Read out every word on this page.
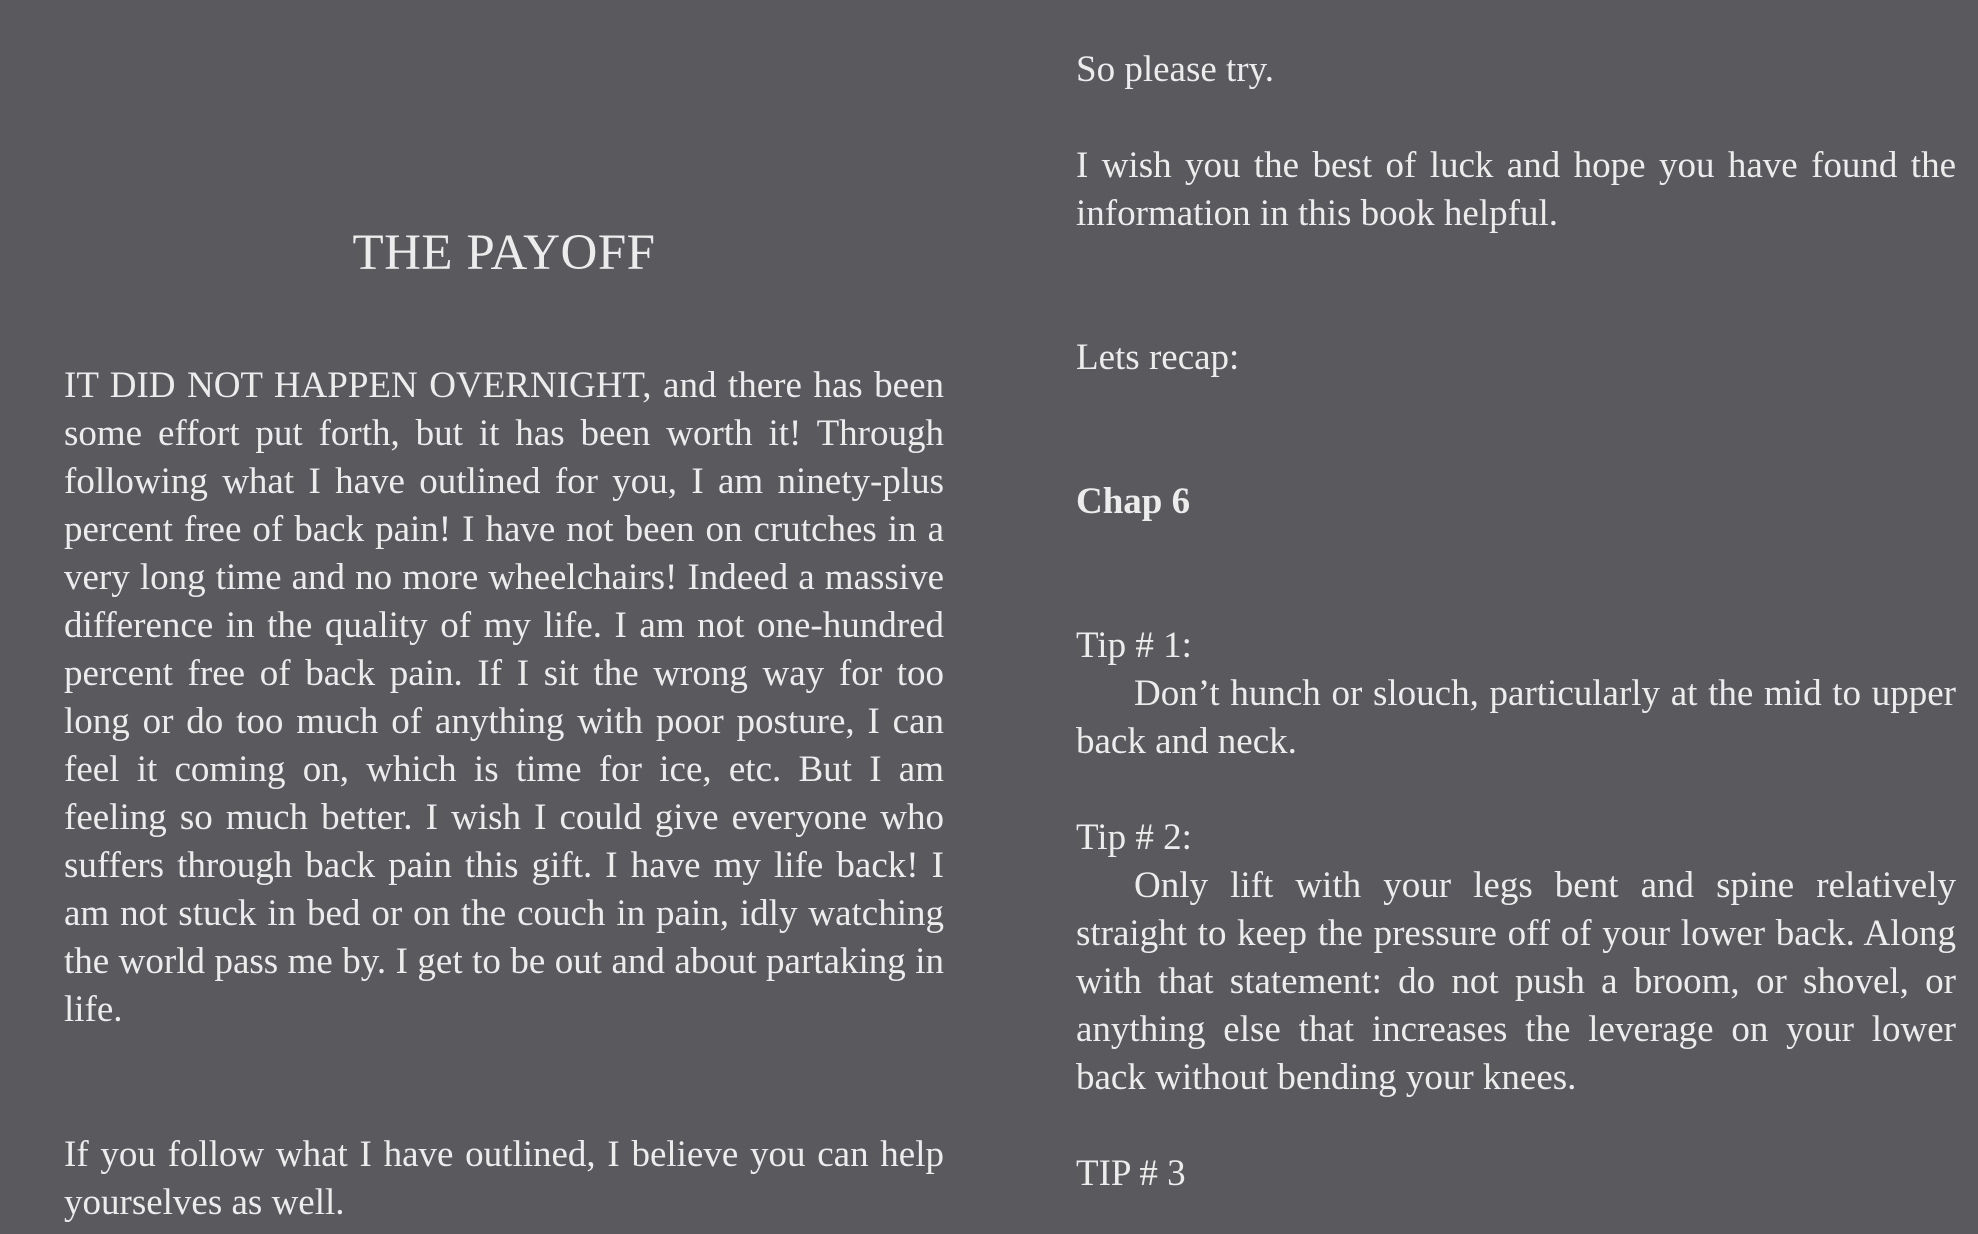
THE PAYOFF

IT DID NOT HAPPEN OVERNIGHT, and there has been some effort put forth, but it has been worth it! Through following what I have outlined for you, I am ninety-plus percent free of back pain! I have not been on crutches in a very long time and no more wheelchairs! Indeed a massive difference in the quality of my life. I am not one-hundred percent free of back pain. If I sit the wrong way for too long or do too much of anything with poor posture, I can feel it coming on, which is time for ice, etc. But I am feeling so much better. I wish I could give everyone who suffers through back pain this gift. I have my life back! I am not stuck in bed or on the couch in pain, idly watching the world pass me by. I get to be out and about partaking in life.

If you follow what I have outlined, I believe you can help yourselves as well.

So please try.

I wish you the best of luck and hope you have found the information in this book helpful.

Lets recap:

Chap 6

Tip # 1:

Don’t hunch or slouch, particularly at the mid to upper back and neck.

Tip # 2:

Only lift with your legs bent and spine relatively straight to keep the pressure off of your lower back. Along with that statement: do not push a broom, or shovel, or anything else that increases the leverage on your lower back without bending your knees.

TIP # 3
